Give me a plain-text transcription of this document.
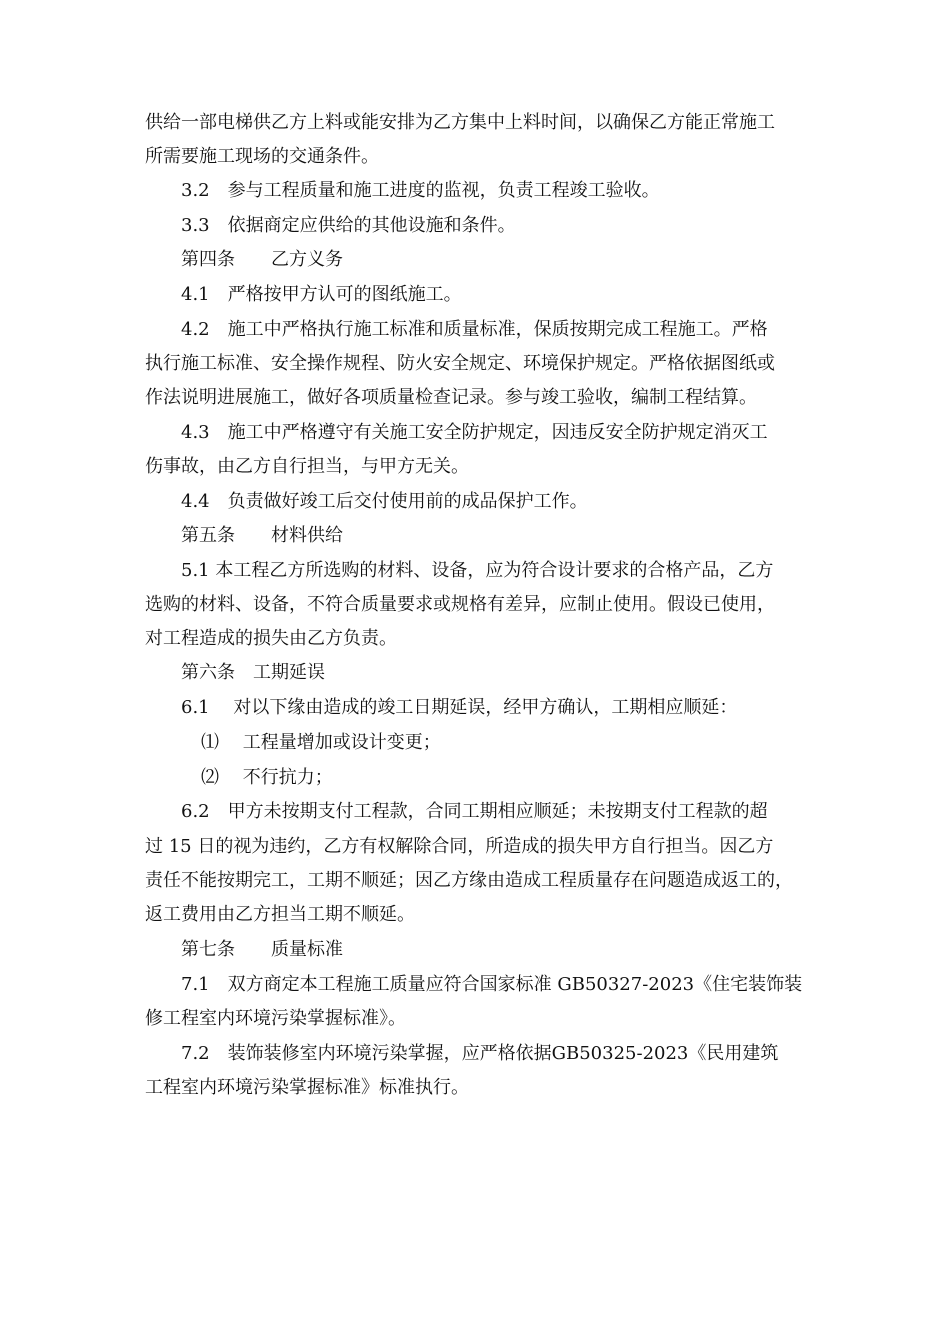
供给一部电梯供乙方上料或能安排为乙方集中上料时间，以确保乙方能正常施工
所需要施工现场的交通条件。
3.2　参与工程质量和施工进度的监视，负责工程竣工验收。
3.3　依据商定应供给的其他设施和条件。
第四条　　乙方义务
4.1　严格按甲方认可的图纸施工。
4.2　施工中严格执行施工标准和质量标准，保质按期完成工程施工。严格
执行施工标准、安全操作规程、防火安全规定、环境保护规定。严格依据图纸或
作法说明进展施工，做好各项质量检查记录。参与竣工验收，编制工程结算。
4.3　施工中严格遵守有关施工安全防护规定，因违反安全防护规定消灭工
伤事故，由乙方自行担当，与甲方无关。
4.4　负责做好竣工后交付使用前的成品保护工作。
第五条　　材料供给
5.1 本工程乙方所选购的材料、设备，应为符合设计要求的合格产品，乙方
选购的材料、设备，不符合质量要求或规格有差异，应制止使用。假设已使用，
对工程造成的损失由乙方负责。
第六条　工期延误
6.1　 对以下缘由造成的竣工日期延误，经甲方确认，工期相应顺延：
⑴　 工程量增加或设计变更；
⑵　 不行抗力；
6.2　甲方未按期支付工程款，合同工期相应顺延；未按期支付工程款的超
过 15 日的视为违约，乙方有权解除合同，所造成的损失甲方自行担当。因乙方
责任不能按期完工，工期不顺延；因乙方缘由造成工程质量存在问题造成返工的，
返工费用由乙方担当工期不顺延。
第七条　　质量标准
7.1　双方商定本工程施工质量应符合国家标准 GB50327-2023《住宅装饰装
修工程室内环境污染掌握标准》。
7.2　装饰装修室内环境污染掌握，应严格依据GB50325-2023《民用建筑
工程室内环境污染掌握标准》标准执行。
